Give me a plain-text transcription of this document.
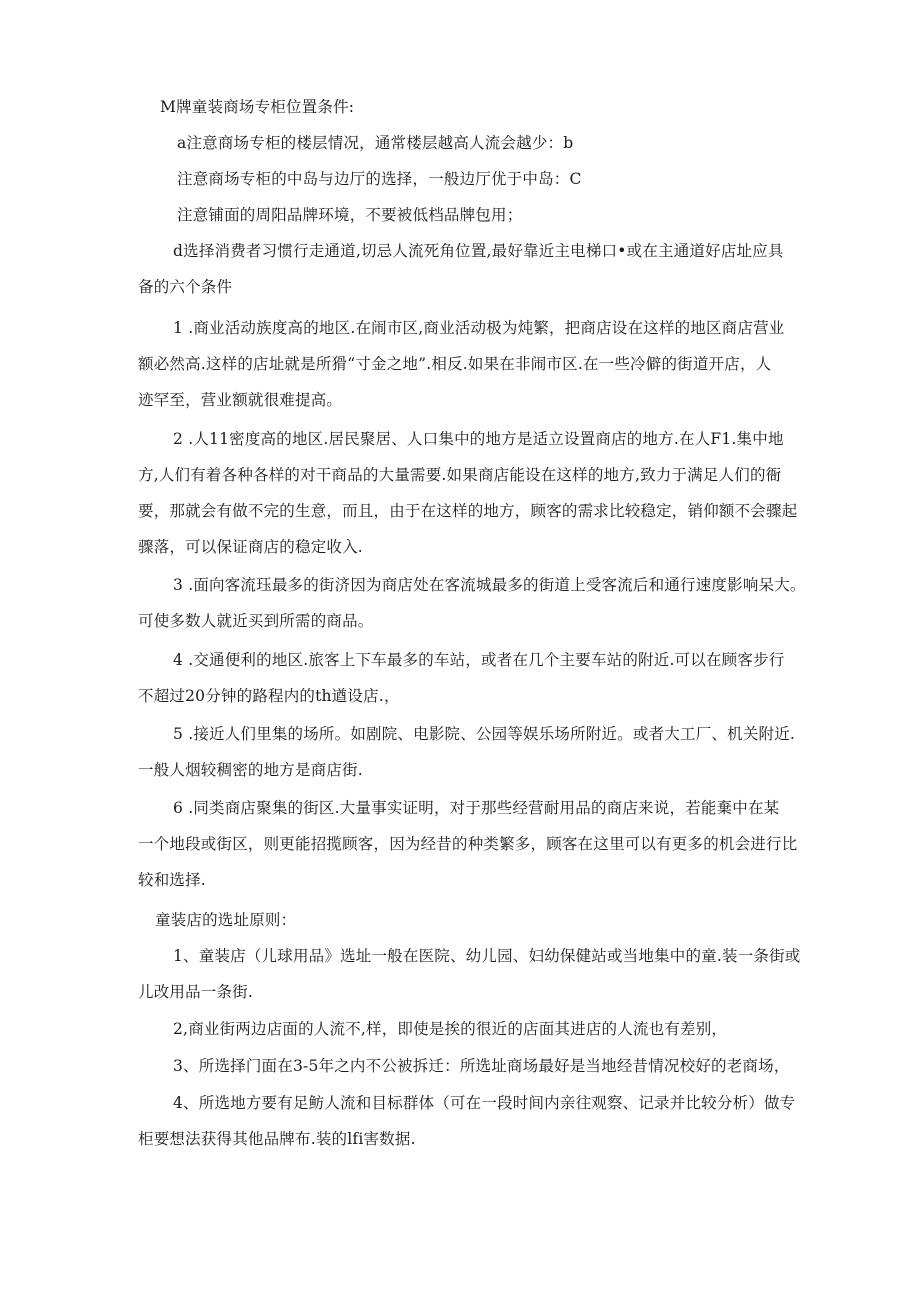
M牌童装商场专柜位置条件:
a注意商场专柜的楼层情况，通常楼层越高人流会越少：b
注意商场专柜的中岛与边厅的选择，一般边厅优于中岛：C
注意铺面的周阳品牌环境，不要被低档品牌包用；
d选择消费者习惯行走通道,切忌人流死角位置,最好靠近主电梯口•或在主通道好店址应具
备的六个条件
1 .商业活动族度高的地区.在闹市区,商业活动极为炖繁，把商店设在这样的地区商店营业
额必然高.这样的店址就是所猾“寸金之地”.相反.如果在非闹市区.在一些冷僻的街道开店，人
迹罕至，营业额就很难提高。
2 .人11密度高的地区.居民聚居、人口集中的地方是适立设置商店的地方.在人F1.集中地
方,人们有着各种各样的对干商品的大量需要.如果商店能设在这样的地方,致力于满足人们的衙
要，那就会有做不完的生意，而且，由于在这样的地方，顾客的需求比较稳定，销仰额不会骤起
骤落，可以保证商店的稳定收入.
3 .面向客流珏最多的街济因为商店处在客流城最多的街道上受客流后和通行速度影响呆大。
可使多数人就近买到所需的商品。
4 .交通便利的地区.旅客上下车最多的车站，或者在几个主要车站的附近.可以在顾客步行
不超过20分钟的路程内的th遒设店.，
5 .接近人们里集的场所。如剧院、电影院、公园等娱乐场所附近。或者大工厂、机关附近.
一般人烟较稠密的地方是商店街.
6 .同类商店聚集的街区.大量事实证明，对于那些经营耐用品的商店来说，若能棄中在某
一个地段或街区，则更能招揽顾客，因为经昔的种类繁多，顾客在这里可以有更多的机会进行比
较和选择.
童装店的选址原则：
1、童装店（儿球用品》选址一般在医院、幼儿园、妇幼保健站或当地集中的童.装一条街或
儿改用品一条街.
2,商业街两边店面的人流不,样，即使是挨的很近的店面其进店的人流也有差别，
3、所选择门面在3-5年之内不公被拆迁：所选址商场最好是当地经昔情况校好的老商场，
4、所选地方要有足鲂人流和目标群体（可在一段时间内亲往观察、记录并比较分析）做专
柜要想法获得其他品牌布.装的lfi害数据.
